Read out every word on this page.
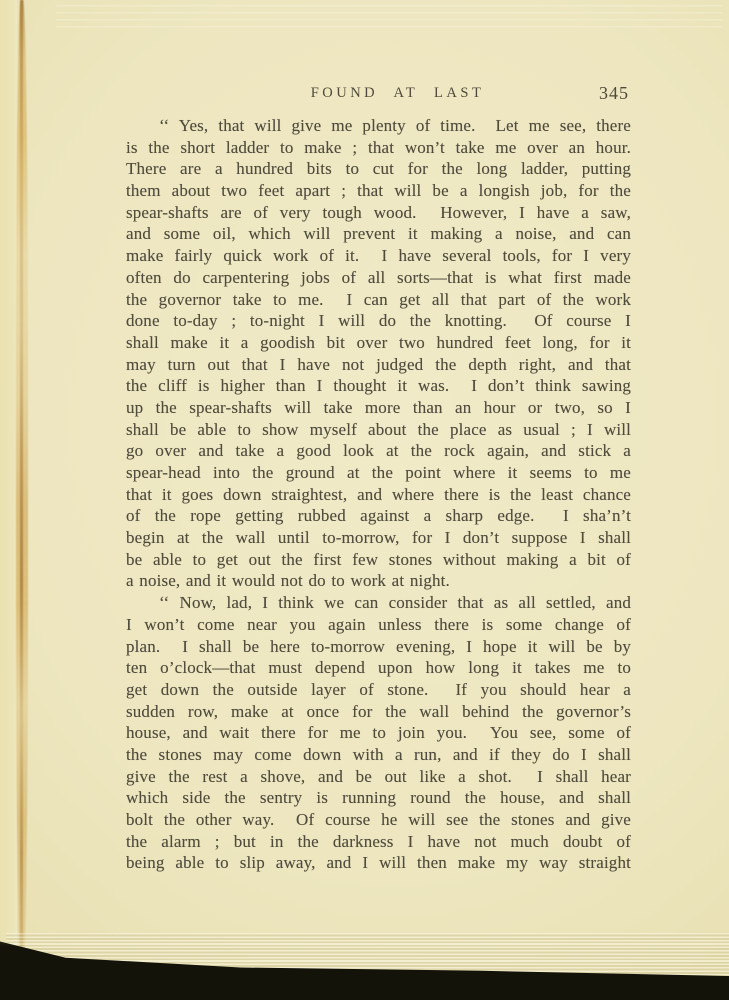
FOUND AT LAST	345
‘‘ Yes, that will give me plenty of time.  Let me see, there
is the short ladder to make ; that won’t take me over an hour.
There are a hundred bits to cut for the long ladder, putting
them about two feet apart ; that will be a longish job, for the
spear-shafts are of very tough wood.  However, I have a saw,
and some oil, which will prevent it making a noise, and can
make fairly quick work of it.  I have several tools, for I very
often do carpentering jobs of all sorts—that is what first made
the governor take to me.  I can get all that part of the work
done to-day ; to-night I will do the knotting.  Of course I
shall make it a goodish bit over two hundred feet long, for it
may turn out that I have not judged the depth right, and that
the cliff is higher than I thought it was.  I don’t think sawing
up the spear-shafts will take more than an hour or two, so I
shall be able to show myself about the place as usual ; I will
go over and take a good look at the rock again, and stick a
spear-head into the ground at the point where it seems to me
that it goes down straightest, and where there is the least chance
of the rope getting rubbed against a sharp edge.  I sha’n’t
begin at the wall until to-morrow, for I don’t suppose I shall
be able to get out the first few stones without making a bit of
a noise, and it would not do to work at night.
‘‘ Now, lad, I think we can consider that as all settled, and
I won’t come near you again unless there is some change of
plan.  I shall be here to-morrow evening, I hope it will be by
ten o’clock—that must depend upon how long it takes me to
get down the outside layer of stone.  If you should hear a
sudden row, make at once for the wall behind the governor’s
house, and wait there for me to join you.  You see, some of
the stones may come down with a run, and if they do I shall
give the rest a shove, and be out like a shot.  I shall hear
which side the sentry is running round the house, and shall
bolt the other way.  Of course he will see the stones and give
the alarm ; but in the darkness I have not much doubt of
being able to slip away, and I will then make my way straight
